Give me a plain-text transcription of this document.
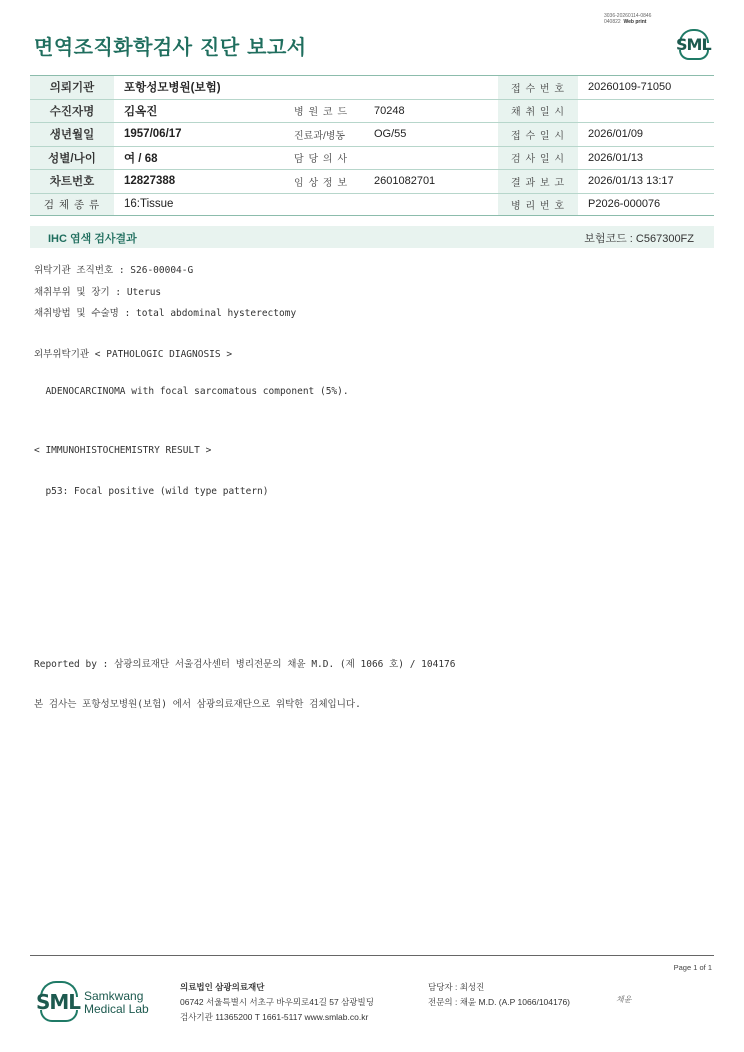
3036-20260114-0846
040822 Web print
면역조직화학검사 진단 보고서	SML
의뢰기관	포항성모병원(보험)			접 수 번 호	20260109-71050
수진자명	김옥진	병 원 코 드	70248	채 취 일 시	
생년월일	1957/06/17	진료과/병동	OG/55	접 수 일 시	2026/01/09
성별/나이	여 / 68	담 당 의 사		검 사 일 시	2026/01/13
차트번호	12827388	임 상 정 보	2601082701	결 과 보 고	2026/01/13 13:17
검 체 종 류	16:Tissue			병 리 번 호	P2026-000076
IHC 염색 검사결과	보험코드 : C567300FZ
위탁기관 조직번호 : S26-00004-G
채취부위 및 장기 : Uterus
채취방법 및 수술명 : total abdominal hysterectomy
외부위탁기관 < PATHOLOGIC DIAGNOSIS >
ADENOCARCINOMA with focal sarcomatous component (5%).
< IMMUNOHISTOCHEMISTRY RESULT >
p53: Focal positive (wild type pattern)
Reported by : 삼광의료재단 서울검사센터 병리전문의 채윤 M.D. (제 1066 호) / 104176
본 검사는 포항성모병원(보험) 에서 삼광의료재단으로 위탁한 검체입니다.
Page 1 of 1
SML Samkwang
Medical Lab
의료법인 삼광의료재단
06742 서울특별시 서초구 바우뫼로41길 57 삼광빌딩
검사기관 11365200 T 1661-5117 www.smlab.co.kr
담당자 : 최성진
전문의 : 채윤 M.D. (A.P 1066/104176)	채윤
